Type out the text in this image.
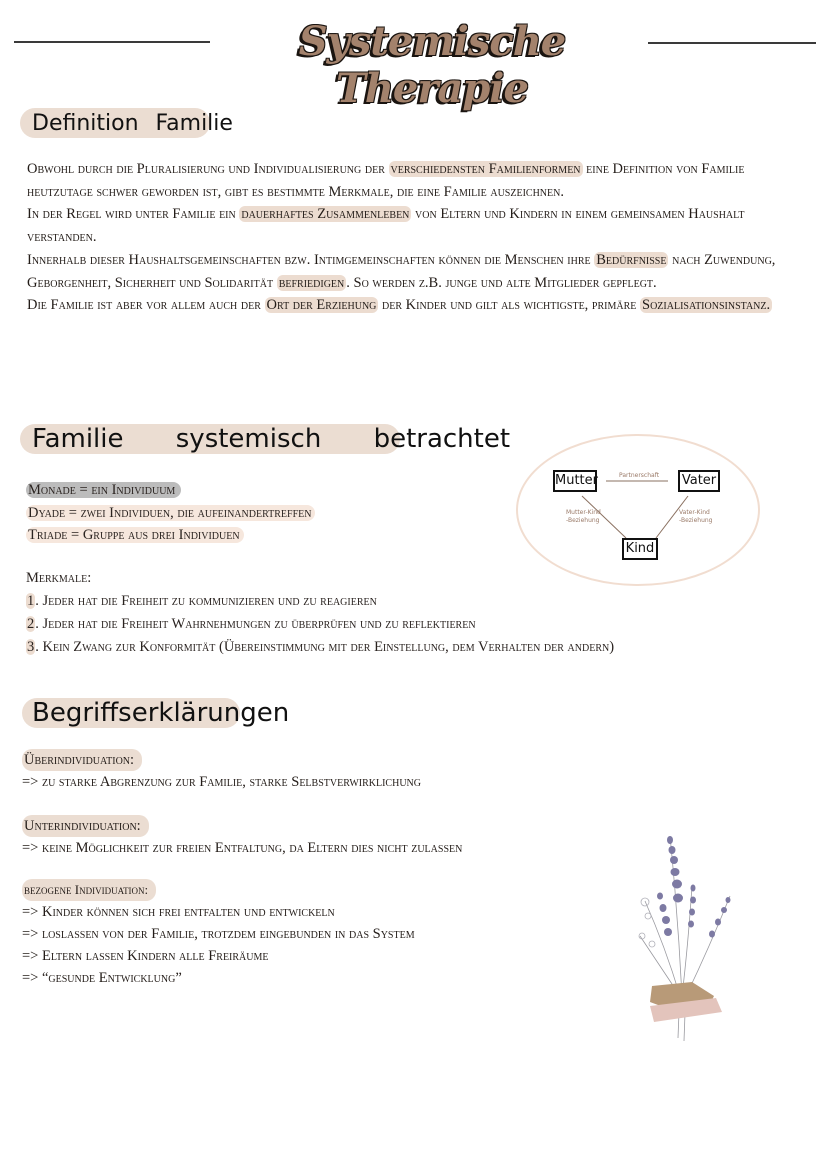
Systemische Therapie
Definition Familie
Obwohl durch die Pluralisierung und Individualisierung der verschiedensten Familienformen eine Definition von Familie heutzutage schwer geworden ist, gibt es bestimmte Merkmale, die eine Familie auszeichnen.
In der Regel wird unter Familie ein dauerhaftes Zusammenleben von Eltern und Kindern in einem gemeinsamen Haushalt verstanden.
Innerhalb dieser Haushaltsgemeinschaften bzw. Intimgemeinschaften können die Menschen ihre Bedürfnisse nach Zuwendung, Geborgenheit, Sicherheit und Solidarität befriedigen . So werden z.B. junge und alte Mitglieder gepflegt.
Die Familie ist aber vor allem auch der Ort der Erziehung der Kinder und gilt als wichtigste, primäre Sozialisationsinstanz.
Familie systemisch betrachtet
Monade = ein Individuum
Dyade = zwei Individuen, die aufeinandertreffen
Triade = Gruppe aus drei Individuen
Mutter	Vater
Kind
Partnerschaft
Mutter-Kind
-Beziehung
Vater-Kind
-Beziehung
Merkmale:
1. Jeder hat die Freiheit zu kommunizieren und zu reagieren
2. Jeder hat die Freiheit Wahrnehmungen zu überprüfen und zu reflektieren
3. Kein Zwang zur Konformität (Übereinstimmung mit der Einstellung, dem Verhalten der andern)
Begriffserklärungen
Überindividuation:
=> zu starke Abgrenzung zur Familie, starke Selbstverwirklichung
Unterindividuation:
=> keine Möglichkeit zur freien Entfaltung, da Eltern dies nicht zulassen
bezogene Individuation:
=> Kinder können sich frei entfalten und entwickeln
=> loslassen von der Familie, trotzdem eingebunden in das System
=> Eltern lassen Kindern alle Freiräume
=> “gesunde Entwicklung”
